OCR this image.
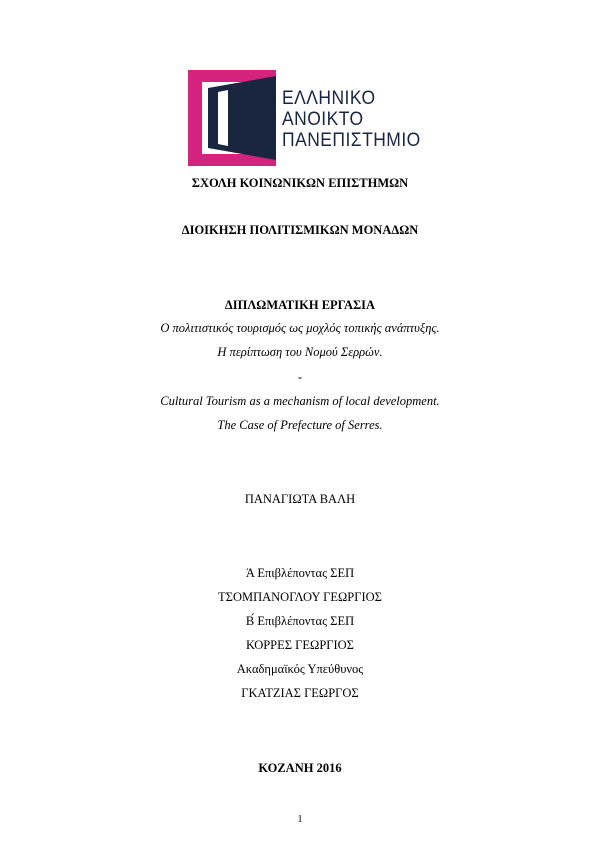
ΕΛΛΗΝΙΚΟ
ΑΝΟΙΚΤΟ
ΠΑΝΕΠΙΣΤΗΜΙΟ
ΣΧΟΛΗ ΚΟΙΝΩΝΙΚΩΝ ΕΠΙΣΤΗΜΩΝ
ΔΙΟΙΚΗΣΗ ΠΟΛΙΤΙΣΜΙΚΩΝ ΜΟΝΑΔΩΝ
ΔΙΠΛΩΜΑΤΙΚΗ ΕΡΓΑΣΙΑ
Ο πολιτιστικός τουρισμός ως μοχλός τοπικής ανάπτυξης.
Η περίπτωση του Νομού Σερρών.
-
Cultural Tourism as a mechanism of local development.
The Case of Prefecture of Serres.
ΠΑΝΑΓΙΩΤΑ ΒΑΛΗ
Ά Επιβλέποντας ΣΕΠ
ΤΣΟΜΠΑΝΟΓΛΟΥ ΓΕΩΡΓΙΟΣ
Β́ Επιβλέποντας ΣΕΠ
ΚΟΡΡΕΣ ΓΕΩΡΓΙΟΣ
Ακαδημαϊκός Υπεύθυνος
ΓΚΑΤΖΙΑΣ ΓΕΩΡΓΟΣ
ΚΟΖΑΝΗ 2016
1
